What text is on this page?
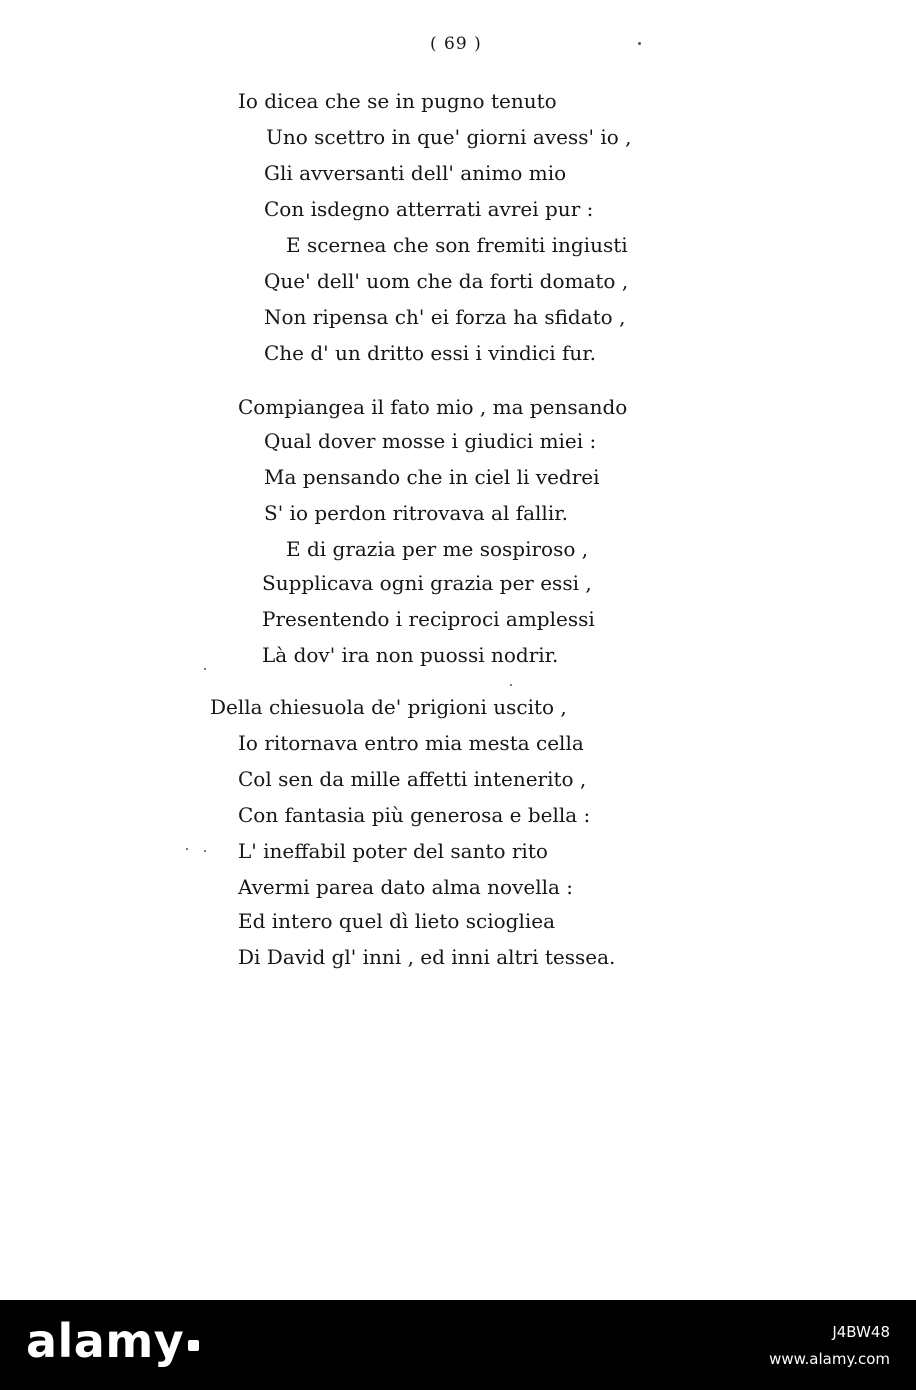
( 69 )
Io dicea che se in pugno tenuto
Uno scettro in que' giorni avess' io ,
Gli avversanti dell' animo mio
Con isdegno atterrati avrei pur :
E scernea che son fremiti ingiusti
Que' dell' uom che da forti domato ,
Non ripensa ch' ei forza ha sfidato ,
Che d' un dritto essi i vindici fur.
Compiangea il fato mio , ma pensando
Qual dover mosse i giudici miei :
Ma pensando che in ciel li vedrei
S' io perdon ritrovava al fallir.
E di grazia per me sospiroso ,
Supplicava ogni grazia per essi ,
Presentendo i reciproci amplessi
Là dov' ira non puossi nodrir.
Della chiesuola de' prigioni uscito ,
Io ritornava entro mia mesta cella
Col sen da mille affetti intenerito ,
Con fantasia più generosa e bella :
L' ineffabil poter del santo rito
Avermi parea dato alma novella :
Ed intero quel dì lieto sciogliea
Di David gl' inni , ed inni altri tessea.
alamy	J4BW48
www.alamy.com
